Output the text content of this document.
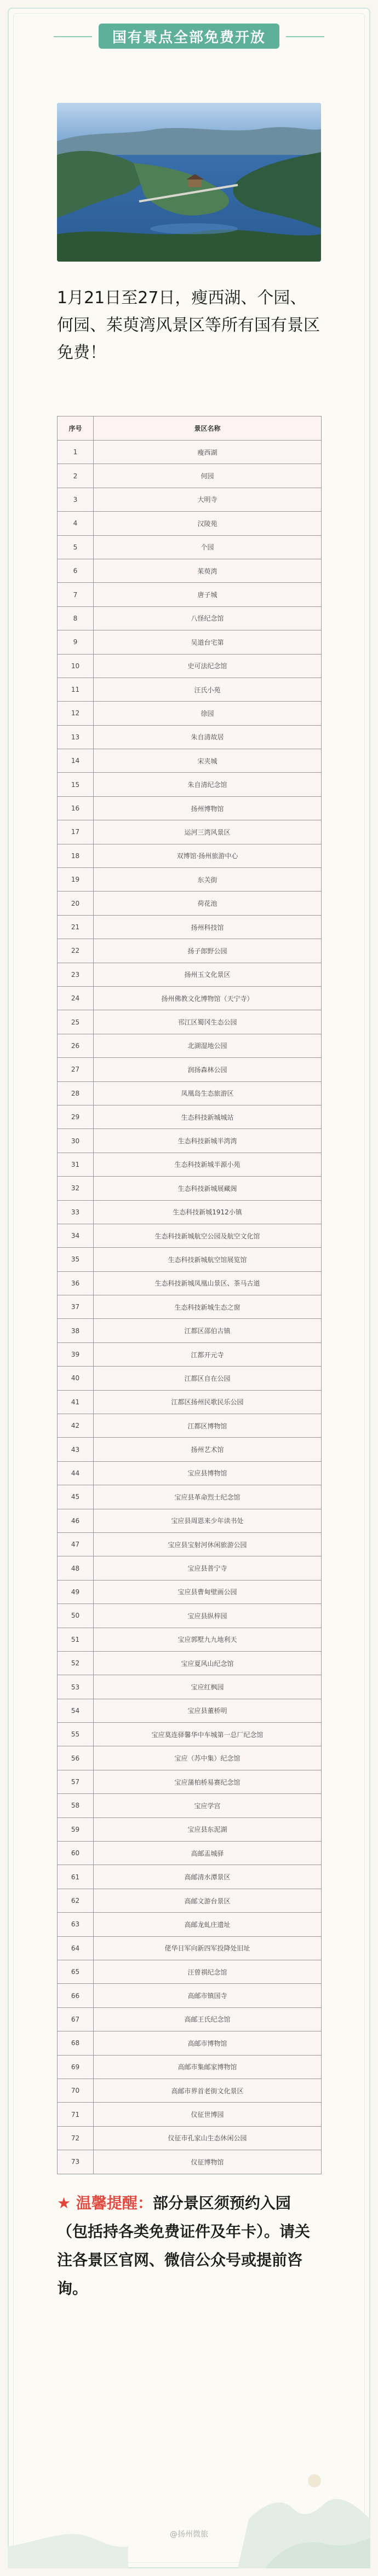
国有景点全部免费开放
1月21日至27日，瘦西湖、个园、何园、茱萸湾风景区等所有国有景区免费！
序号	景区名称
1	瘦西湖
2	何园
3	大明寺
4	汉陵苑
5	个园
6	茱萸湾
7	唐子城
8	八怪纪念馆
9	吴道台宅第
10	史可法纪念馆
11	汪氏小苑
12	徐园
13	朱自清故居
14	宋夹城
15	朱自清纪念馆
16	扬州博物馆
17	运河三湾风景区
18	双博馆·扬州旅游中心
19	东关街
20	荷花池
21	扬州科技馆
22	扬子郎野公园
23	扬州玉文化景区
24	扬州佛教文化博物馆（天宁寺）
25	邗江区蜀冈生态公园
26	北湖湿地公园
27	润扬森林公园
28	凤凰岛生态旅游区
29	生态科技新城城站
30	生态科技新城半湾湾
31	生态科技新城半源小苑
32	生态科技新城展藏阁
33	生态科技新城1912小镇
34	生态科技新城航空公园及航空文化馆
35	生态科技新城航空馆展览馆
36	生态科技新城凤凰山景区、茶马古道
37	生态科技新城生态之窗
38	江都区邵伯古镇
39	江都开元寺
40	江都区自在公园
41	江都区扬州民歌民乐公园
42	江都区博物馆
43	扬州艺术馆
44	宝应县博物馆
45	宝应县革命烈士纪念馆
46	宝应县周恩来少年读书处
47	宝应县宝射河休闲旅游公园
48	宝应县普宁寺
49	宝应县曹甸壁画公园
50	宝应县纵梓园
51	宝应郭墅九九地利天
52	宝应夏风山纪念馆
53	宝应红枫园
54	宝应县董桥明
55	宝应莫连驿馨华中车城第一总厂纪念馆
56	宝应（苏中集）纪念馆
57	宝应蒲柏桥易赛纪念馆
58	宝应学宫
59	宝应县东泥湖
60	高邮盂城驿
61	高邮清水潭景区
62	高邮文游台景区
63	高邮龙虬庄遗址
64	佬华日军向新四军投降处旧址
65	汪曾祺纪念馆
66	高邮市镇国寺
67	高邮王氏纪念馆
68	高邮市博物馆
69	高邮市集邮家博物馆
70	高邮市界首老街文化景区
71	仪征世博园
72	仪征市孔家山生态休闲公园
73	仪征博物馆
★ 温馨提醒：部分景区须预约入园（包括持各类免费证件及年卡）。请关注各景区官网、微信公众号或提前咨询。
@扬州微旅
